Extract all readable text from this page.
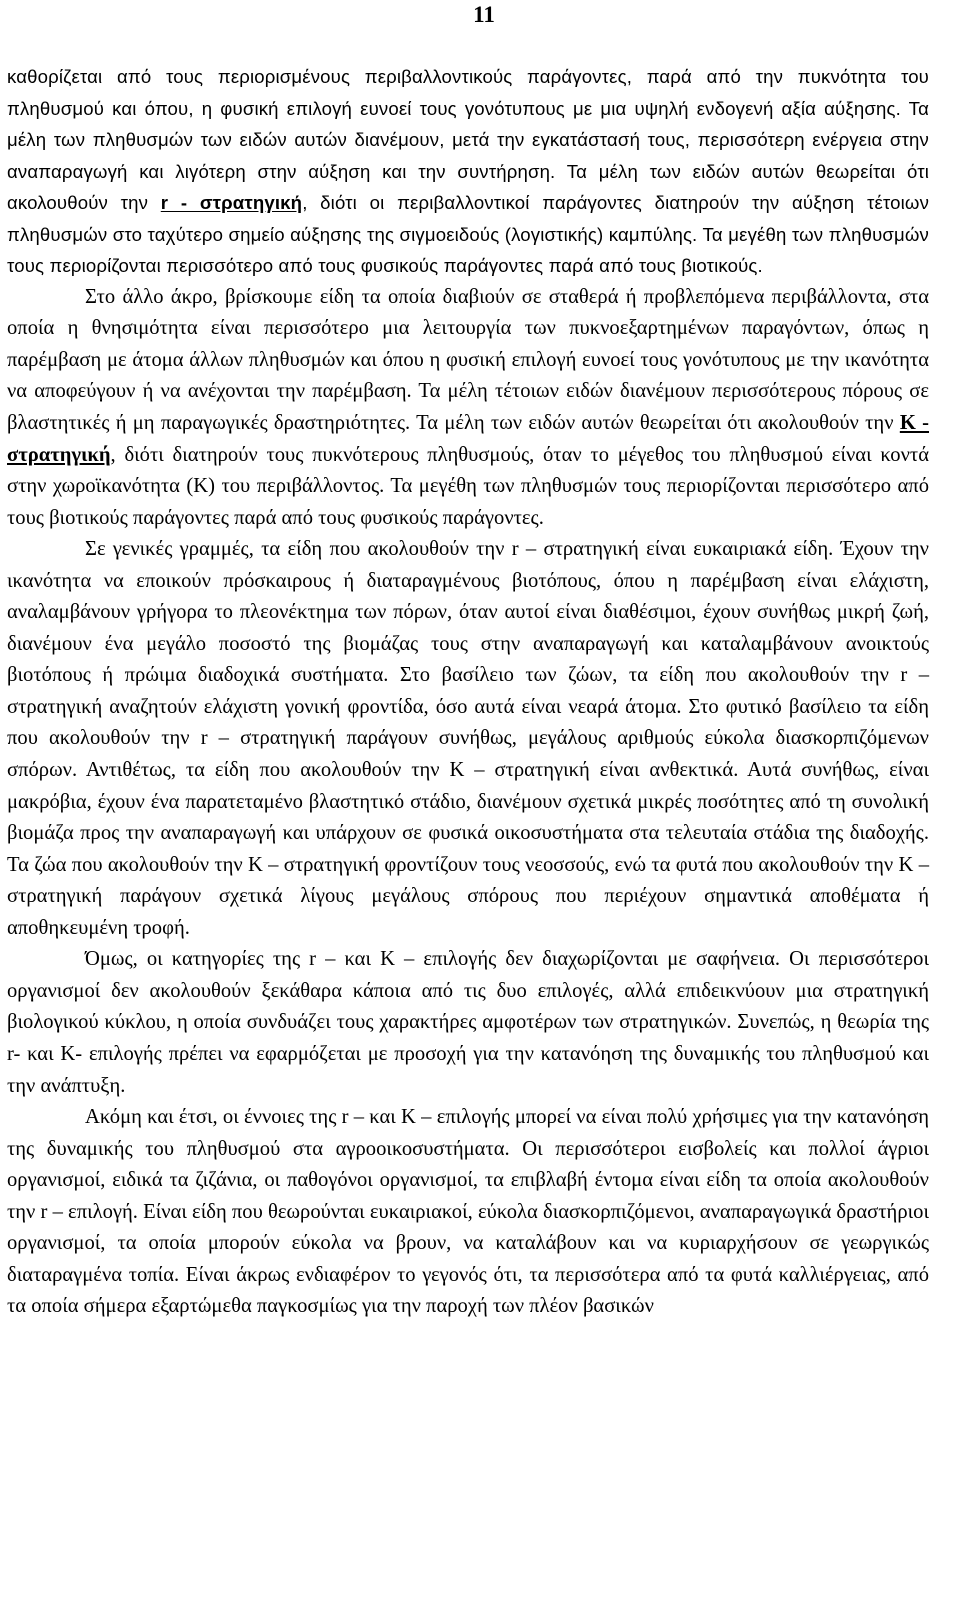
11

καθορίζεται από τους περιορισμένους περιβαλλοντικούς παράγοντες, παρά από την πυκνότητα του πληθυσμού και όπου, η φυσική επιλογή ευνοεί τους γονότυπους με μια υψηλή ενδογενή αξία αύξησης. Τα μέλη των πληθυσμών των ειδών αυτών διανέμουν, μετά την εγκατάστασή τους, περισσότερη ενέργεια στην αναπαραγωγή και λιγότερη στην αύξηση και την συντήρηση. Τα μέλη των ειδών αυτών θεωρείται ότι ακολουθούν την r - στρατηγική, διότι οι περιβαλλοντικοί παράγοντες διατηρούν την αύξηση τέτοιων πληθυσμών στο ταχύτερο σημείο αύξησης της σιγμοειδούς (λογιστικής) καμπύλης. Τα μεγέθη των πληθυσμών τους περιορίζονται περισσότερο από τους φυσικούς παράγοντες παρά από τους βιοτικούς.

Στο άλλο άκρο, βρίσκουμε είδη τα οποία διαβιούν σε σταθερά ή προβλεπόμενα περιβάλλοντα, στα οποία η θνησιμότητα είναι περισσότερο μια λειτουργία των πυκνοεξαρτημένων παραγόντων, όπως η παρέμβαση με άτομα άλλων πληθυσμών και όπου η φυσική επιλογή ευνοεί τους γονότυπους με την ικανότητα να αποφεύγουν ή να ανέχονται την παρέμβαση. Τα μέλη τέτοιων ειδών διανέμουν περισσότερους πόρους σε βλαστητικές ή μη παραγωγικές δραστηριότητες. Τα μέλη των ειδών αυτών θεωρείται ότι ακολουθούν την Κ - στρατηγική, διότι διατηρούν τους πυκνότερους πληθυσμούς, όταν το μέγεθος του πληθυσμού είναι κοντά στην χωροϊκανότητα (Κ) του περιβάλλοντος. Τα μεγέθη των πληθυσμών τους περιορίζονται περισσότερο από τους βιοτικούς παράγοντες παρά από τους φυσικούς παράγοντες.

Σε γενικές γραμμές, τα είδη που ακολουθούν την r – στρατηγική είναι ευκαιριακά είδη. Έχουν την ικανότητα να εποικούν πρόσκαιρους ή διαταραγμένους βιοτόπους, όπου η παρέμβαση είναι ελάχιστη, αναλαμβάνουν γρήγορα το πλεονέκτημα των πόρων, όταν αυτοί είναι διαθέσιμοι, έχουν συνήθως μικρή ζωή, διανέμουν ένα μεγάλο ποσοστό της βιομάζας τους στην αναπαραγωγή και καταλαμβάνουν ανοικτούς βιοτόπους ή πρώιμα διαδοχικά συστήματα. Στο βασίλειο των ζώων, τα είδη που ακολουθούν την r – στρατηγική αναζητούν ελάχιστη γονική φροντίδα, όσο αυτά είναι νεαρά άτομα. Στο φυτικό βασίλειο τα είδη που ακολουθούν την r – στρατηγική παράγουν συνήθως, μεγάλους αριθμούς εύκολα διασκορπιζόμενων σπόρων. Αντιθέτως, τα είδη που ακολουθούν την Κ – στρατηγική είναι ανθεκτικά. Αυτά συνήθως, είναι μακρόβια, έχουν ένα παρατεταμένο βλαστητικό στάδιο, διανέμουν σχετικά μικρές ποσότητες από τη συνολική βιομάζα προς την αναπαραγωγή και υπάρχουν σε φυσικά οικοσυστήματα στα τελευταία στάδια της διαδοχής. Τα ζώα που ακολουθούν την Κ – στρατηγική φροντίζουν τους νεοσσούς, ενώ τα φυτά που ακολουθούν την Κ – στρατηγική παράγουν σχετικά λίγους μεγάλους σπόρους που περιέχουν σημαντικά αποθέματα ή αποθηκευμένη τροφή.

Όμως, οι κατηγορίες της r – και Κ – επιλογής δεν διαχωρίζονται με σαφήνεια. Οι περισσότεροι οργανισμοί δεν ακολουθούν ξεκάθαρα κάποια από τις δυο επιλογές, αλλά επιδεικνύουν μια στρατηγική βιολογικού κύκλου, η οποία συνδυάζει τους χαρακτήρες αμφοτέρων των στρατηγικών. Συνεπώς, η θεωρία της r- και Κ- επιλογής πρέπει να εφαρμόζεται με προσοχή για την κατανόηση της δυναμικής του πληθυσμού και την ανάπτυξη.

Ακόμη και έτσι, οι έννοιες της r – και Κ – επιλογής μπορεί να είναι πολύ χρήσιμες για την κατανόηση της δυναμικής του πληθυσμού στα αγροοικοσυστήματα. Οι περισσότεροι εισβολείς και πολλοί άγριοι οργανισμοί, ειδικά τα ζιζάνια, οι παθογόνοι οργανισμοί, τα επιβλαβή έντομα είναι είδη τα οποία ακολουθούν την r – επιλογή. Είναι είδη που θεωρούνται ευκαιριακοί, εύκολα διασκορπιζόμενοι, αναπαραγωγικά δραστήριοι οργανισμοί, τα οποία μπορούν εύκολα να βρουν, να καταλάβουν και να κυριαρχήσουν σε γεωργικώς διαταραγμένα τοπία. Είναι άκρως ενδιαφέρον το γεγονός ότι, τα περισσότερα από τα φυτά καλλιέργειας, από τα οποία σήμερα εξαρτώμεθα παγκοσμίως για την παροχή των πλέον βασικών
